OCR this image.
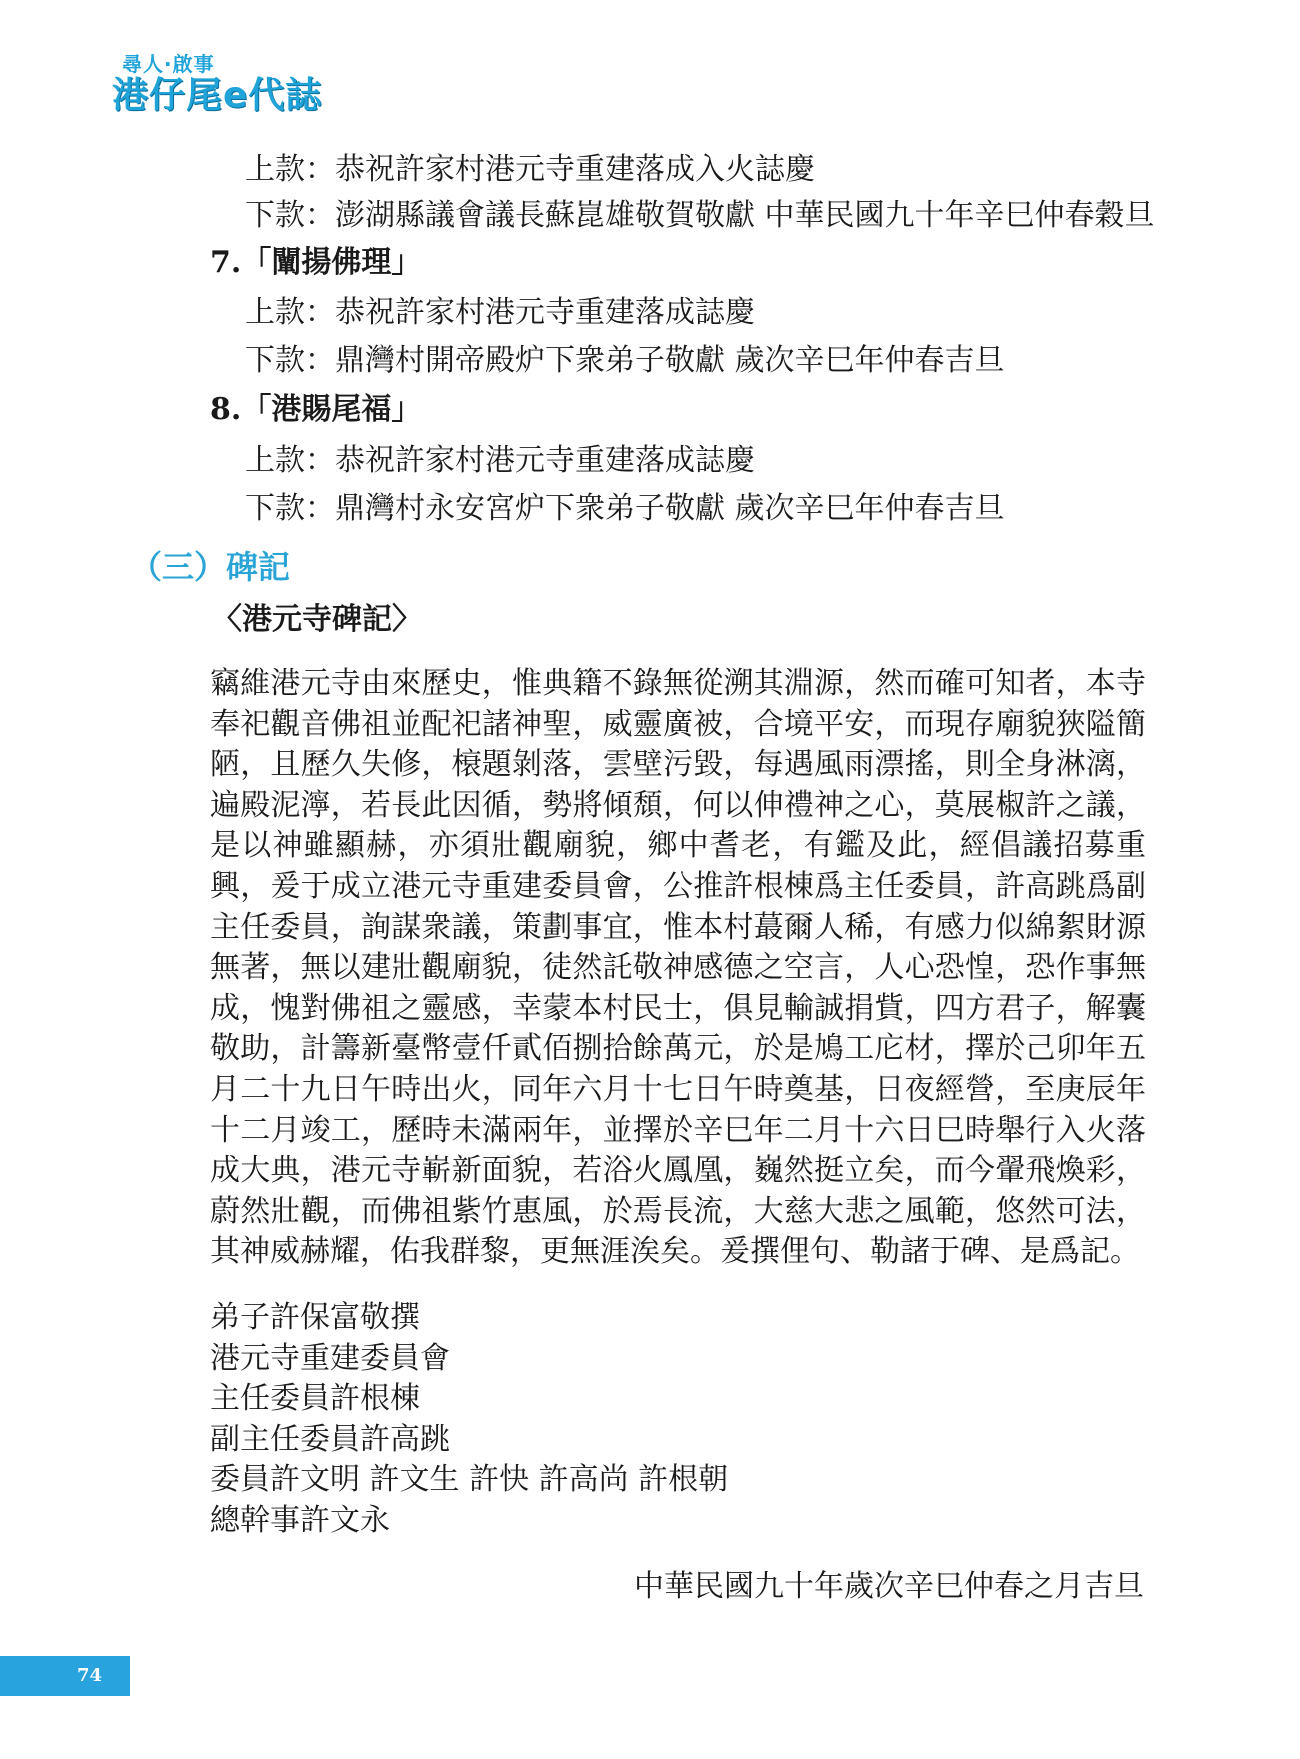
尋人·啟事
港仔尾e代誌
上款：恭祝許家村港元寺重建落成入火誌慶
下款：澎湖縣議會議長蘇崑雄敬賀敬獻 中華民國九十年辛巳仲春穀旦
7.「闡揚佛理」
上款：恭祝許家村港元寺重建落成誌慶
下款：鼎灣村開帝殿炉下衆弟子敬獻 歲次辛巳年仲春吉旦
8.「港賜尾福」
上款：恭祝許家村港元寺重建落成誌慶
下款：鼎灣村永安宮炉下衆弟子敬獻 歲次辛巳年仲春吉旦
（三）碑記
〈港元寺碑記〉
竊維港元寺由來歷史，惟典籍不錄無從溯其淵源，然而確可知者，本寺奉祀觀音佛祖並配祀諸神聖，威靈廣被，合境平安，而現存廟貌狹隘簡陋，且歷久失修，榱題剝落，雲壁污毀，每遇風雨漂搖，則全身淋漓，遍殿泥濘，若長此因循，勢將傾頹，何以伸禮神之心，莫展椒許之議，是以神雖顯赫，亦須壯觀廟貌，鄉中耆老，有鑑及此，經倡議招募重興，爰于成立港元寺重建委員會，公推許根棟爲主任委員，許高跳爲副主任委員，詢謀衆議，策劃事宜，惟本村蕞爾人稀，有感力似綿絮財源無著，無以建壯觀廟貌，徒然託敬神感德之空言，人心恐惶，恐作事無成，愧對佛祖之靈感，幸蒙本村民士，俱見輸誠捐貲，四方君子，解囊敬助，計籌新臺幣壹仟貳佰捌拾餘萬元，於是鳩工庀材，擇於己卯年五月二十九日午時出火，同年六月十七日午時奠基，日夜經營，至庚辰年十二月竣工，歷時未滿兩年，並擇於辛巳年二月十六日巳時舉行入火落成大典，港元寺嶄新面貌，若浴火鳳凰，巍然挺立矣，而今翬飛煥彩，蔚然壯觀，而佛祖紫竹惠風，於焉長流，大慈大悲之風範，悠然可法，其神威赫耀，佑我群黎，更無涯涘矣。爰撰俚句、勒諸于碑、是爲記。
弟子許保富敬撰
港元寺重建委員會
主任委員許根棟
副主任委員許高跳
委員許文明 許文生 許快 許高尚 許根朝
總幹事許文永
中華民國九十年歲次辛巳仲春之月吉旦
74
